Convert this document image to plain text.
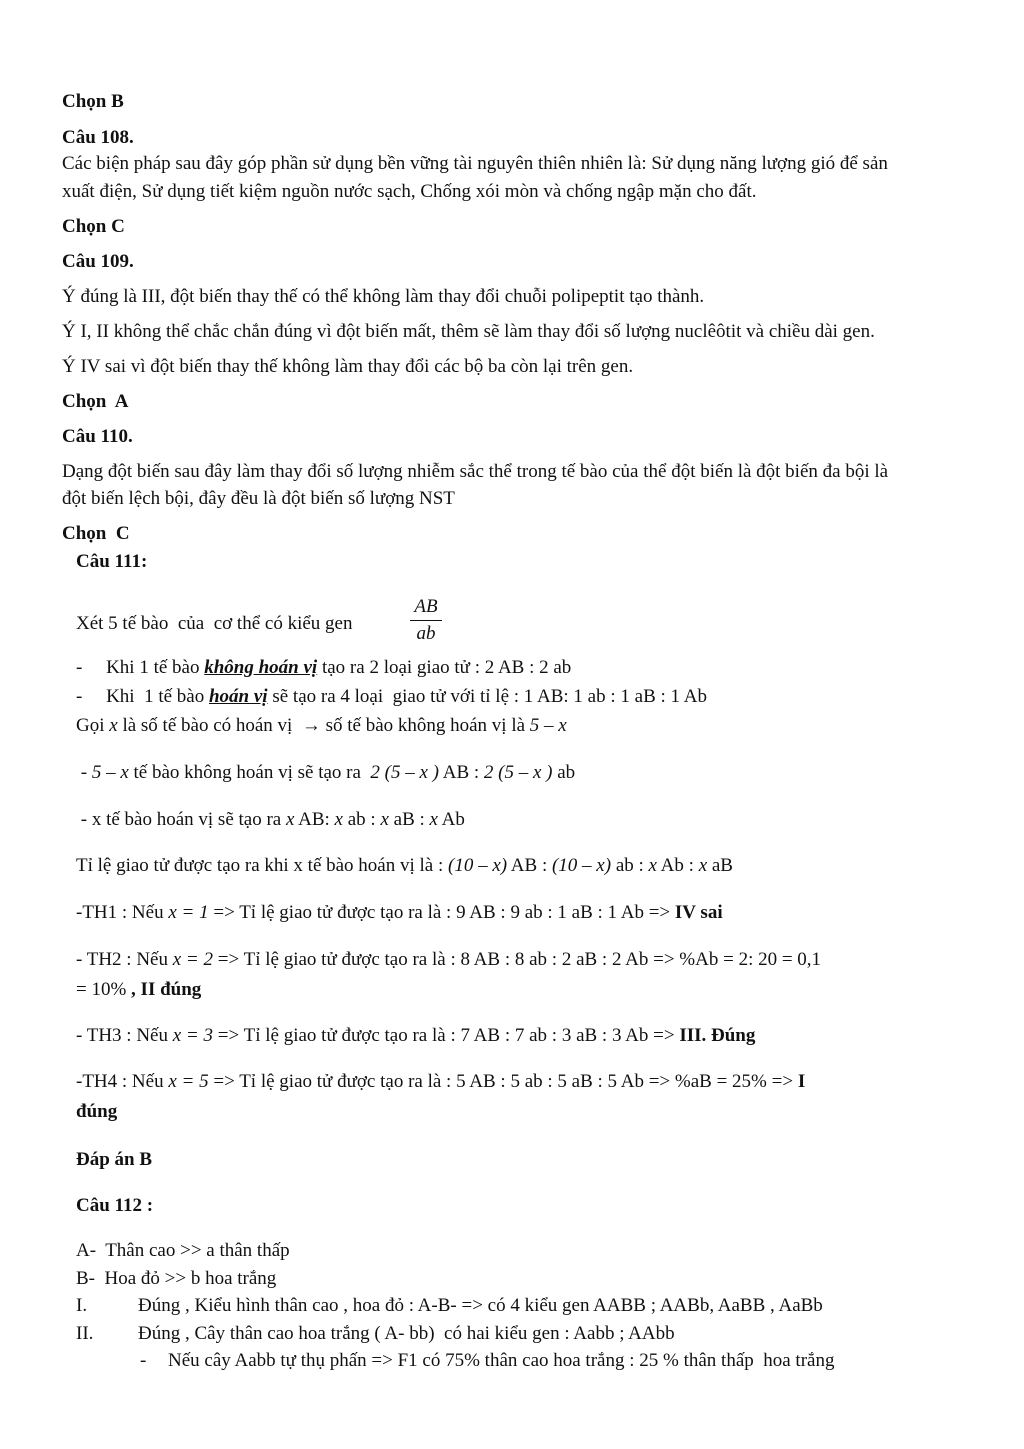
Chọn B
Câu 108.
Các biện pháp sau đây góp phần sử dụng bền vững tài nguyên thiên nhiên là: Sử dụng năng lượng gió để sản
xuất điện, Sử dụng tiết kiệm nguồn nước sạch, Chống xói mòn và chống ngập mặn cho đất.
Chọn C
Câu 109.
Ý đúng là III, đột biến thay thế có thể không làm thay đổi chuỗi polipeptit tạo thành.
Ý I, II không thể chắc chắn đúng vì đột biến mất, thêm sẽ làm thay đổi số lượng nuclêôtit và chiều dài gen.
Ý IV sai vì đột biến thay thế không làm thay đổi các bộ ba còn lại trên gen.
Chọn  A
Câu 110.
Dạng đột biến sau đây làm thay đổi số lượng nhiễm sắc thể trong tế bào của thể đột biến là đột biến đa bội là
đột biến lệch bội, đây đều là đột biến số lượng NST
Chọn  C
Câu 111:
Xét 5 tế bào  của  cơ thể có kiểu gen	$\frac{AB}{ab}$
-     Khi 1 tế bào không hoán vị tạo ra 2 loại giao tử : 2 AB : 2 ab
-     Khi  1 tế bào hoán vị sẽ tạo ra 4 loại  giao tử với tỉ lệ : 1 AB: 1 ab : 1 aB : 1 Ab
Gọi x là số tế bào có hoán vị  → số tế bào không hoán vị là 5 – x
- 5 – x tế bào không hoán vị sẽ tạo ra  2 (5 – x ) AB : 2 (5 – x ) ab
- x tế bào hoán vị sẽ tạo ra x AB: x ab : x aB : x Ab
Tỉ lệ giao tử được tạo ra khi x tế bào hoán vị là : (10 – x) AB : (10 – x) ab : x Ab : x aB
-TH1 : Nếu x = 1 => Tỉ lệ giao tử được tạo ra là : 9 AB : 9 ab : 1 aB : 1 Ab => IV sai
- TH2 : Nếu x = 2 => Tỉ lệ giao tử được tạo ra là : 8 AB : 8 ab : 2 aB : 2 Ab => %Ab = 2: 20 = 0,1
= 10% , II đúng
- TH3 : Nếu x = 3 => Tỉ lệ giao tử được tạo ra là : 7 AB : 7 ab : 3 aB : 3 Ab => III. Đúng
-TH4 : Nếu x = 5 => Tỉ lệ giao tử được tạo ra là : 5 AB : 5 ab : 5 aB : 5 Ab => %aB = 25% => I
đúng
Đáp án B
Câu 112 :
A-  Thân cao >> a thân thấp
B-  Hoa đỏ >> b hoa trắng
I.	Đúng , Kiểu hình thân cao , hoa đỏ : A-B- => có 4 kiểu gen AABB ; AABb, AaBB , AaBb
II. Đúng , Cây thân cao hoa trắng ( A- bb)  có hai kiểu gen : Aabb ; AAbb
- Nếu cây Aabb tự thụ phấn => F1 có 75% thân cao hoa trắng : 25 % thân thấp  hoa trắng
